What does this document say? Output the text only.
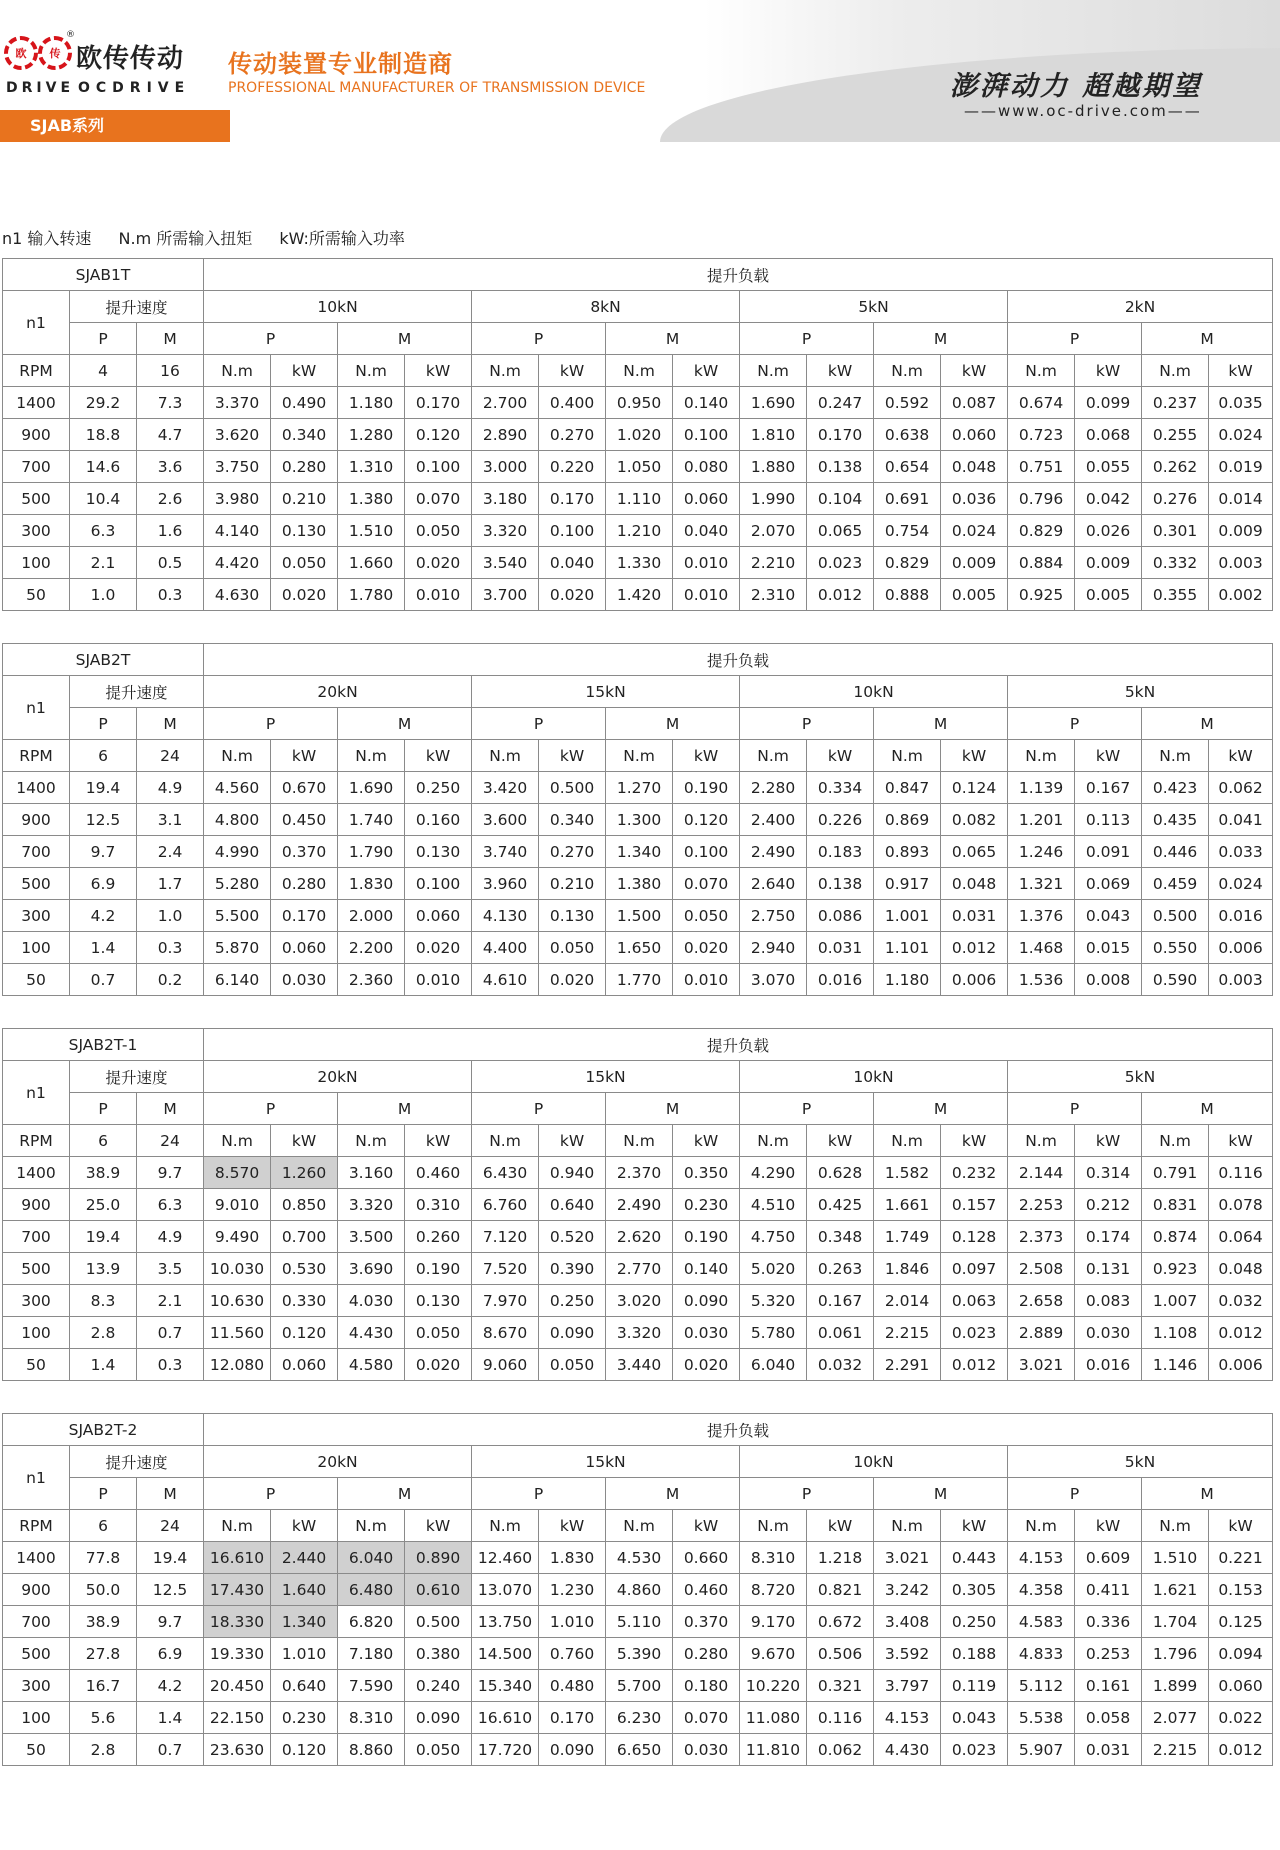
欧 传
®
欧传传动
DRIVE OCDRIVE
传动装置专业制造商
PROFESSIONAL MANUFACTURER OF TRANSMISSION DEVICE	澎湃动力 超越期望
——www.oc-drive.com——
SJAB系列
n1 输入转速 N.m 所需输入扭矩 kW:所需输入功率
SJAB1T			提升负载															
n1	提升速度		10kN				8kN				5kN				2kN			
	P	M	P		M		P		M		P		M		P		M	
RPM	4	16	N.m	kW	N.m	kW	N.m	kW	N.m	kW	N.m	kW	N.m	kW	N.m	kW	N.m	kW
1400	29.2	7.3	3.370	0.490	1.180	0.170	2.700	0.400	0.950	0.140	1.690	0.247	0.592	0.087	0.674	0.099	0.237	0.035
900	18.8	4.7	3.620	0.340	1.280	0.120	2.890	0.270	1.020	0.100	1.810	0.170	0.638	0.060	0.723	0.068	0.255	0.024
700	14.6	3.6	3.750	0.280	1.310	0.100	3.000	0.220	1.050	0.080	1.880	0.138	0.654	0.048	0.751	0.055	0.262	0.019
500	10.4	2.6	3.980	0.210	1.380	0.070	3.180	0.170	1.110	0.060	1.990	0.104	0.691	0.036	0.796	0.042	0.276	0.014
300	6.3	1.6	4.140	0.130	1.510	0.050	3.320	0.100	1.210	0.040	2.070	0.065	0.754	0.024	0.829	0.026	0.301	0.009
100	2.1	0.5	4.420	0.050	1.660	0.020	3.540	0.040	1.330	0.010	2.210	0.023	0.829	0.009	0.884	0.009	0.332	0.003
50	1.0	0.3	4.630	0.020	1.780	0.010	3.700	0.020	1.420	0.010	2.310	0.012	0.888	0.005	0.925	0.005	0.355	0.002
SJAB2T			提升负载															
n1	提升速度		20kN				15kN				10kN				5kN			
	P	M	P		M		P		M		P		M		P		M	
RPM	6	24	N.m	kW	N.m	kW	N.m	kW	N.m	kW	N.m	kW	N.m	kW	N.m	kW	N.m	kW
1400	19.4	4.9	4.560	0.670	1.690	0.250	3.420	0.500	1.270	0.190	2.280	0.334	0.847	0.124	1.139	0.167	0.423	0.062
900	12.5	3.1	4.800	0.450	1.740	0.160	3.600	0.340	1.300	0.120	2.400	0.226	0.869	0.082	1.201	0.113	0.435	0.041
700	9.7	2.4	4.990	0.370	1.790	0.130	3.740	0.270	1.340	0.100	2.490	0.183	0.893	0.065	1.246	0.091	0.446	0.033
500	6.9	1.7	5.280	0.280	1.830	0.100	3.960	0.210	1.380	0.070	2.640	0.138	0.917	0.048	1.321	0.069	0.459	0.024
300	4.2	1.0	5.500	0.170	2.000	0.060	4.130	0.130	1.500	0.050	2.750	0.086	1.001	0.031	1.376	0.043	0.500	0.016
100	1.4	0.3	5.870	0.060	2.200	0.020	4.400	0.050	1.650	0.020	2.940	0.031	1.101	0.012	1.468	0.015	0.550	0.006
50	0.7	0.2	6.140	0.030	2.360	0.010	4.610	0.020	1.770	0.010	3.070	0.016	1.180	0.006	1.536	0.008	0.590	0.003
SJAB2T-1			提升负载															
n1	提升速度		20kN				15kN				10kN				5kN			
	P	M	P		M		P		M		P		M		P		M	
RPM	6	24	N.m	kW	N.m	kW	N.m	kW	N.m	kW	N.m	kW	N.m	kW	N.m	kW	N.m	kW
1400	38.9	9.7	8.570	1.260	3.160	0.460	6.430	0.940	2.370	0.350	4.290	0.628	1.582	0.232	2.144	0.314	0.791	0.116
900	25.0	6.3	9.010	0.850	3.320	0.310	6.760	0.640	2.490	0.230	4.510	0.425	1.661	0.157	2.253	0.212	0.831	0.078
700	19.4	4.9	9.490	0.700	3.500	0.260	7.120	0.520	2.620	0.190	4.750	0.348	1.749	0.128	2.373	0.174	0.874	0.064
500	13.9	3.5	10.030	0.530	3.690	0.190	7.520	0.390	2.770	0.140	5.020	0.263	1.846	0.097	2.508	0.131	0.923	0.048
300	8.3	2.1	10.630	0.330	4.030	0.130	7.970	0.250	3.020	0.090	5.320	0.167	2.014	0.063	2.658	0.083	1.007	0.032
100	2.8	0.7	11.560	0.120	4.430	0.050	8.670	0.090	3.320	0.030	5.780	0.061	2.215	0.023	2.889	0.030	1.108	0.012
50	1.4	0.3	12.080	0.060	4.580	0.020	9.060	0.050	3.440	0.020	6.040	0.032	2.291	0.012	3.021	0.016	1.146	0.006
SJAB2T-2			提升负载															
n1	提升速度		20kN				15kN				10kN				5kN			
	P	M	P		M		P		M		P		M		P		M	
RPM	6	24	N.m	kW	N.m	kW	N.m	kW	N.m	kW	N.m	kW	N.m	kW	N.m	kW	N.m	kW
1400	77.8	19.4	16.610	2.440	6.040	0.890	12.460	1.830	4.530	0.660	8.310	1.218	3.021	0.443	4.153	0.609	1.510	0.221
900	50.0	12.5	17.430	1.640	6.480	0.610	13.070	1.230	4.860	0.460	8.720	0.821	3.242	0.305	4.358	0.411	1.621	0.153
700	38.9	9.7	18.330	1.340	6.820	0.500	13.750	1.010	5.110	0.370	9.170	0.672	3.408	0.250	4.583	0.336	1.704	0.125
500	27.8	6.9	19.330	1.010	7.180	0.380	14.500	0.760	5.390	0.280	9.670	0.506	3.592	0.188	4.833	0.253	1.796	0.094
300	16.7	4.2	20.450	0.640	7.590	0.240	15.340	0.480	5.700	0.180	10.220	0.321	3.797	0.119	5.112	0.161	1.899	0.060
100	5.6	1.4	22.150	0.230	8.310	0.090	16.610	0.170	6.230	0.070	11.080	0.116	4.153	0.043	5.538	0.058	2.077	0.022
50	2.8	0.7	23.630	0.120	8.860	0.050	17.720	0.090	6.650	0.030	11.810	0.062	4.430	0.023	5.907	0.031	2.215	0.012
